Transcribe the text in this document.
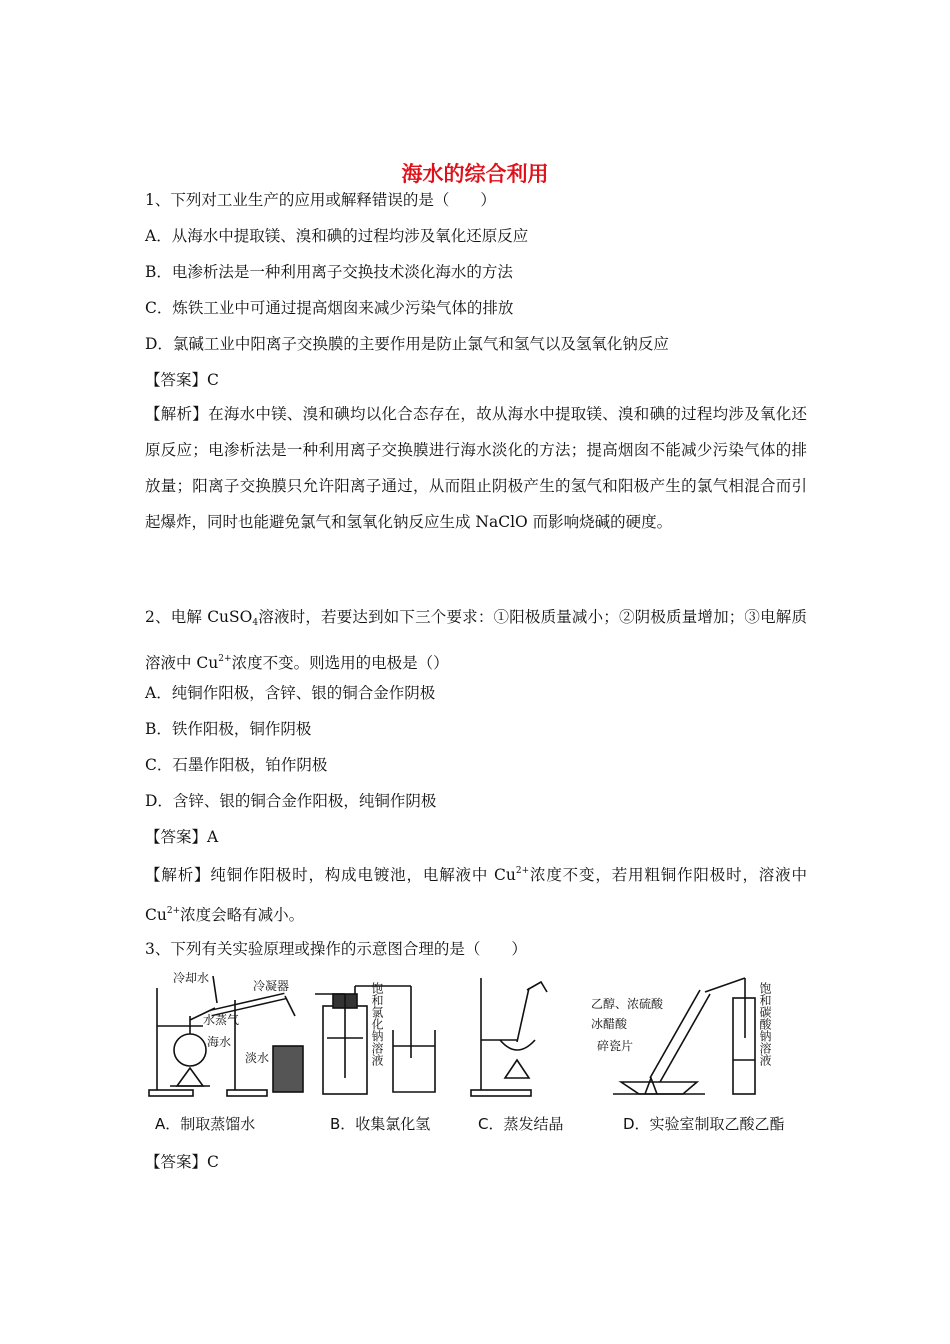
海水的综合利用
1、下列对工业生产的应用或解释错误的是（　　）
A．从海水中提取镁、溴和碘的过程均涉及氧化还原反应
B．电渗析法是一种利用离子交换技术淡化海水的方法
C．炼铁工业中可通过提高烟囱来减少污染气体的排放
D．氯碱工业中阳离子交换膜的主要作用是防止氯气和氢气以及氢氧化钠反应
【答案】C
【解析】在海水中镁、溴和碘均以化合态存在，故从海水中提取镁、溴和碘的过程均涉及氧化还原反应；电渗析法是一种利用离子交换膜进行海水淡化的方法；提高烟囱不能减少污染气体的排放量；阳离子交换膜只允许阳离子通过，从而阻止阴极产生的氢气和阳极产生的氯气相混合而引起爆炸，同时也能避免氯气和氢氧化钠反应生成 NaClO 而影响烧碱的硬度。
2、电解 CuSO$_4$溶液时，若要达到如下三个要求：①阳极质量减小；②阴极质量增加；③电解质溶液中 $Cu^{2+}$浓度不变。则选用的电极是（）
A．纯铜作阳极，含锌、银的铜合金作阴极
B．铁作阳极，铜作阴极
C．石墨作阳极，铂作阴极
D．含锌、银的铜合金作阳极，纯铜作阴极
【答案】A
【解析】纯铜作阳极时，构成电镀池，电解液中 $Cu^{2+}$浓度不变，若用粗铜作阳极时，溶液中 $Cu^{2+}$浓度会略有减小。
3、下列有关实验原理或操作的示意图合理的是（　　）
冷却水
冷凝器
水蒸气
海水
淡水	饱和氯化钠溶液	乙醇、浓硫酸
冰醋酸
碎瓷片	饱和碳酸钠溶液
A．制取蒸馏水	B．收集氯化氢	C．蒸发结晶	D．实验室制取乙酸乙酯
【答案】C
